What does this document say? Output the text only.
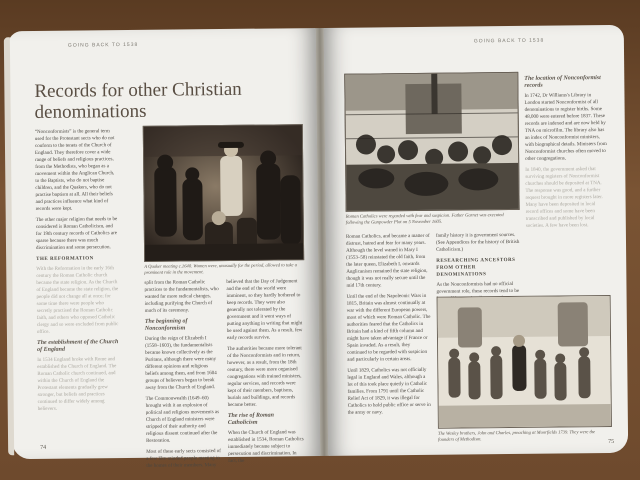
GOING BACK TO 1538
Records for other Christian denominations

“Nonconformists” is the general term used for the Protestant sects who do not conform to the tenets of the Church of England. They therefore cover a wide range of beliefs and religious practices, from the Methodists, who began as a movement within the Anglican Church, to the Baptists, who do not baptise children, and the Quakers, who do not practise baptism at all. All their beliefs and practices influence what kind of records were kept.

The other major religion that needs to be considered is Roman Catholicism, and for 19th century records of Catholics are sparse because there was much discrimination and some persecution.

THE REFORMATION

With the Reformation in the early 16th century the Roman Catholic church became the state religion. As the Church of England became the state religion, the people did not change all at once; for some time there were people who secretly practised the Roman Catholic faith, and others who opposed Catholic clergy and so were excluded from public office.

The establishment of the Church of England

In 1534 England broke with Rome and established the Church of England. The Roman Catholic church continued, and within the Church of England the Protestant elements gradually grew stronger, but beliefs and practices continued to differ widely among believers.

A Quaker meeting c.1640. Women were, unusually for the period, allowed to take a prominent role in the movement.

split from the Roman Catholic practices to the fundamentalists, who wanted far more radical changes, including purifying the Church of much of its ceremony.

The beginning of Nonconformism

During the reign of Elizabeth I (1558–1603), the fundamentalists became known collectively as the Puritans, although there were many different opinions and religious beliefs among them, and from 1604 groups of believers began to break away from the Church of England.

The Commonwealth (1649–60) brought with it an explosion of political and religious movements as Church of England ministers were stripped of their authority and religious dissent continued after the Restoration.

Most of these early sects consisted of a few like-minded people meeting in the homes of their members. Many

believed that the Day of Judgement and the end of the world were imminent, so they hardly bothered to keep records. They were also generally not tolerated by the government and it went ways of putting anything in writing that might be used against them. As a result, few early records survive.

The authorities became more tolerant of the Nonconformists and in return, however, as a result, from the 18th century, there were more organised congregations with trained ministers, regular services, and records were kept of their members, baptisms, burials and buildings, and records became better.

The rise of Roman Catholicism

When the Church of England was established in 1534, Roman Catholics immediately became subject to persecution and discrimination. In fact, the

74
GOING BACK TO 1538
Roman Catholics were regarded with fear and suspicion. Father Garnet was executed following the Gunpowder Plot on 5 November 1605.

Roman Catholics, and became a matter of distrust, hatred and fear for many years. Although the level waned in Mary I (1553–58) reinstated the old faith, from the later queen, Elizabeth I, onwards Anglicanism remained the state religion, though it was not really secure until the mid 17th century.

Until the end of the Napoleonic Wars in 1815, Britain was almost continually at war with the different European powers, most of which were Roman Catholic. The authorities feared that the Catholics in Britain had a kind of fifth column and might have taken advantage if France or Spain invaded. As a result, they continued to be regarded with suspicion and particularly in certain areas.

Until 1829, Catholics was not officially legal in England and Wales, although a lot of this took place quietly in Catholic families. From 1791 until the Catholic Relief Act of 1829, it was illegal for Catholics to hold public office or serve in the army or navy.

family history it is government sources. (See Appendices for the history of British Catholicism.)

RESEARCHING ANCESTORS FROM OTHER DENOMINATIONS

As the Nonconformists had no official government role, these records tend to be

The location of Nonconformist records

In 1742, Dr Williams's Library in London started Nonconformist of all denominations to register births. Some 48,000 were entered before 1837. These records are indexed and are now held by TNA on microfilm. The library also has an index of Nonconformist ministers, with biographical details. Ministers from Nonconformist churches often moved to other congregations.

In 1840, the government asked that surviving registers of Nonconformist churches should be deposited at TNA. The response was good, and a further request brought in more registers later. Many have been deposited in local record offices and some have been transcribed and published by local societies. A few have been lost.

The Wesley brothers, John and Charles, preaching at Moorfields 1739. They were the founders of Methodism.	75
